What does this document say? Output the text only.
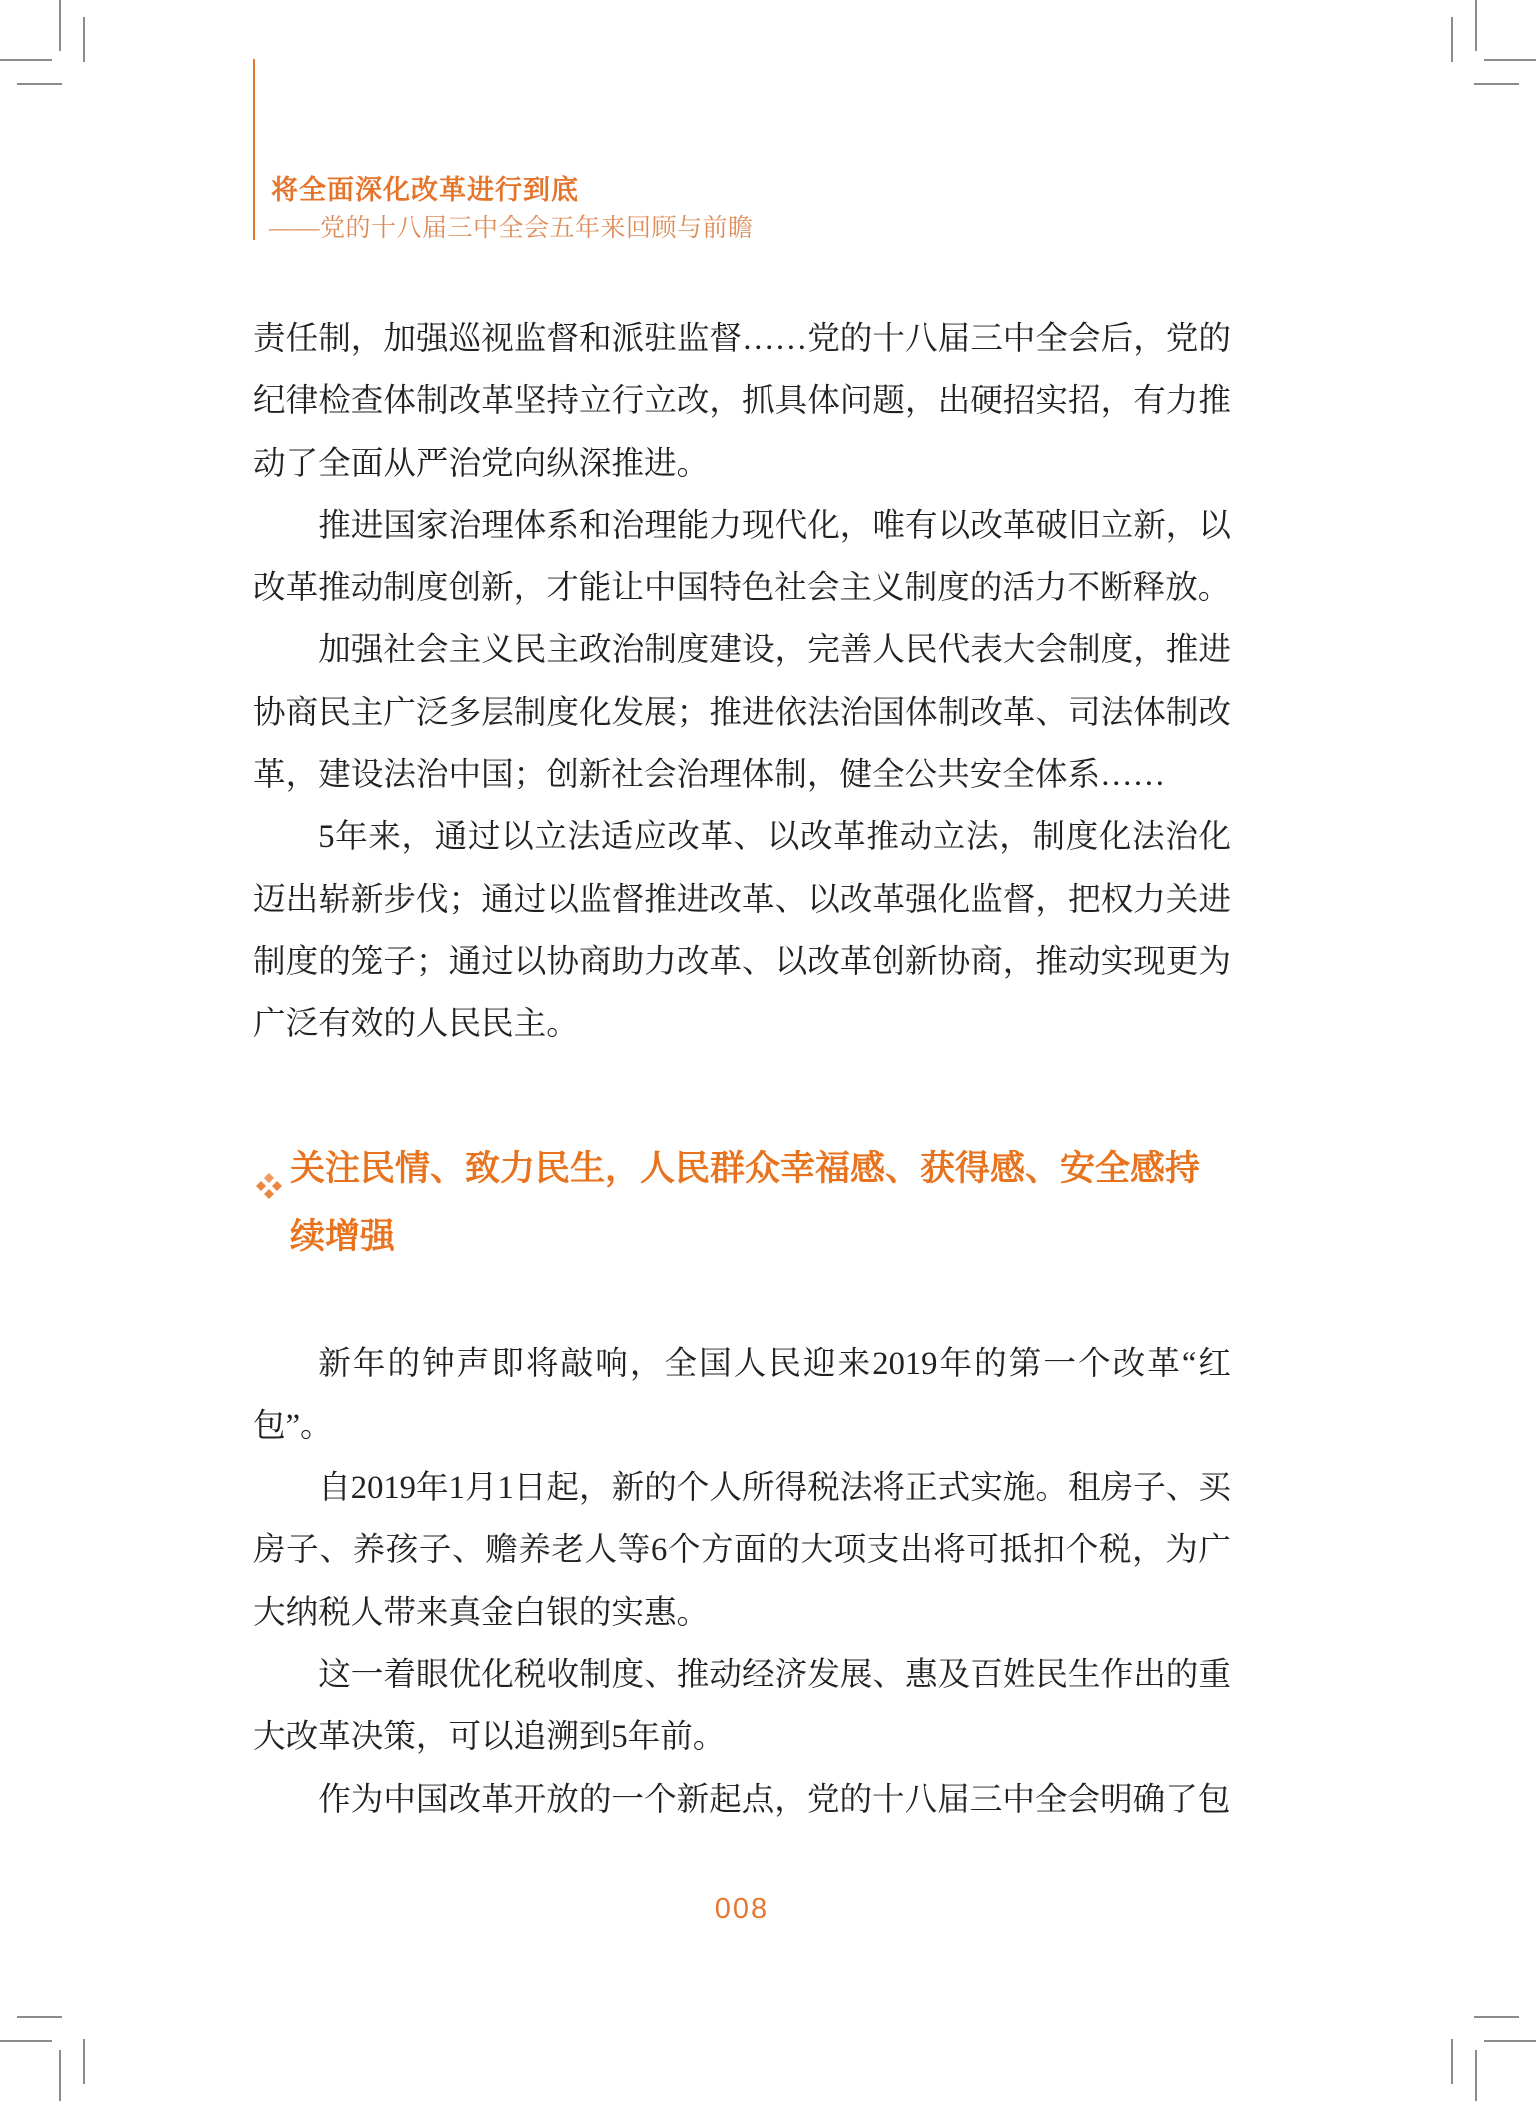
将全面深化改革进行到底
——党的十八届三中全会五年来回顾与前瞻

责任制，加强巡视监督和派驻监督……党的十八届三中全会后，党的纪律检查体制改革坚持立行立改，抓具体问题，出硬招实招，有力推动了全面从严治党向纵深推进。

推进国家治理体系和治理能力现代化，唯有以改革破旧立新，以改革推动制度创新，才能让中国特色社会主义制度的活力不断释放。

加强社会主义民主政治制度建设，完善人民代表大会制度，推进协商民主广泛多层制度化发展；推进依法治国体制改革、司法体制改革，建设法治中国；创新社会治理体制，健全公共安全体系……

5年来，通过以立法适应改革、以改革推动立法，制度化法治化迈出崭新步伐；通过以监督推进改革、以改革强化监督，把权力关进制度的笼子；通过以协商助力改革、以改革创新协商，推动实现更为广泛有效的人民民主。

关注民情、致力民生，人民群众幸福感、获得感、安全感持续增强

新年的钟声即将敲响，全国人民迎来2019年的第一个改革“红包”。

自2019年1月1日起，新的个人所得税法将正式实施。租房子、买房子、养孩子、赡养老人等6个方面的大项支出将可抵扣个税，为广大纳税人带来真金白银的实惠。

这一着眼优化税收制度、推动经济发展、惠及百姓民生作出的重大改革决策，可以追溯到5年前。

作为中国改革开放的一个新起点，党的十八届三中全会明确了包

008
